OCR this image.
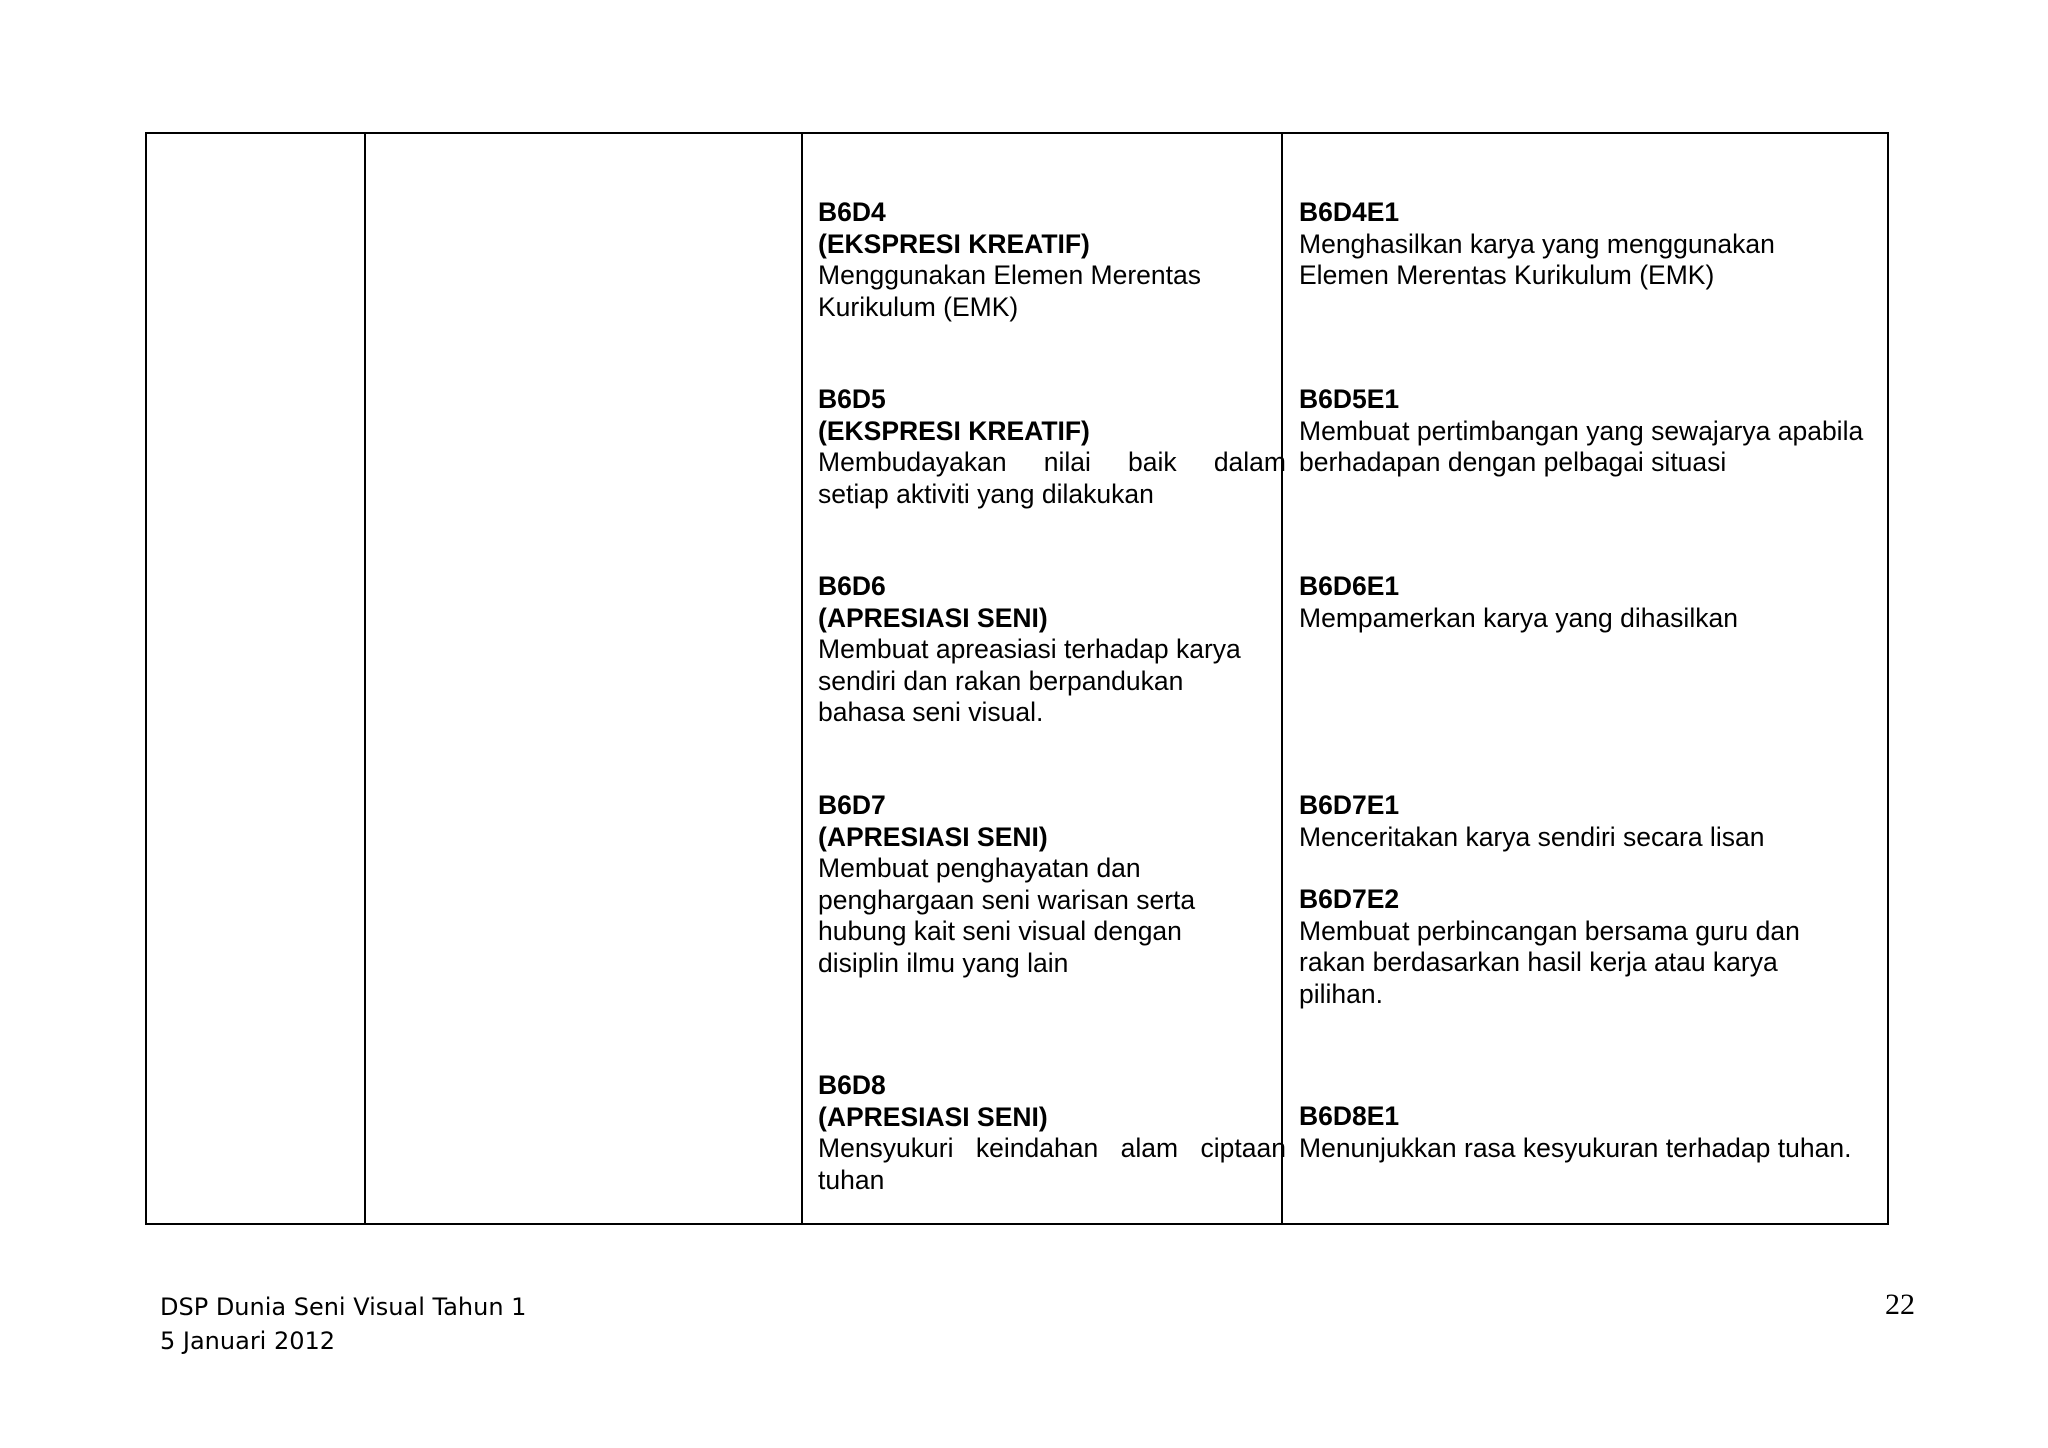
B6D4

(EKSPRESI KREATIF)

Menggunakan Elemen Merentas

Kurikulum (EMK)

B6D5

(EKSPRESI KREATIF)

Membudayakan nilai baik dalam

setiap aktiviti yang dilakukan

B6D6

(APRESIASI SENI)

Membuat apreasiasi terhadap karya

sendiri dan rakan berpandukan

bahasa seni visual.

B6D7

(APRESIASI SENI)

Membuat penghayatan dan

penghargaan seni warisan serta

hubung kait seni visual dengan

disiplin ilmu yang lain

B6D8

(APRESIASI SENI)

Mensyukuri keindahan alam ciptaan

tuhan

B6D4E1

Menghasilkan karya yang menggunakan

Elemen Merentas Kurikulum (EMK)

B6D5E1

Membuat pertimbangan yang sewajarya apabila

berhadapan dengan pelbagai situasi

B6D6E1

Mempamerkan karya yang dihasilkan

B6D7E1

Menceritakan karya sendiri secara lisan

B6D7E2

Membuat perbincangan bersama guru dan

rakan berdasarkan hasil kerja atau karya

pilihan.

B6D8E1

Menunjukkan rasa kesyukuran terhadap tuhan.

DSP Dunia Seni Visual Tahun 1
5 Januari 2012
22
